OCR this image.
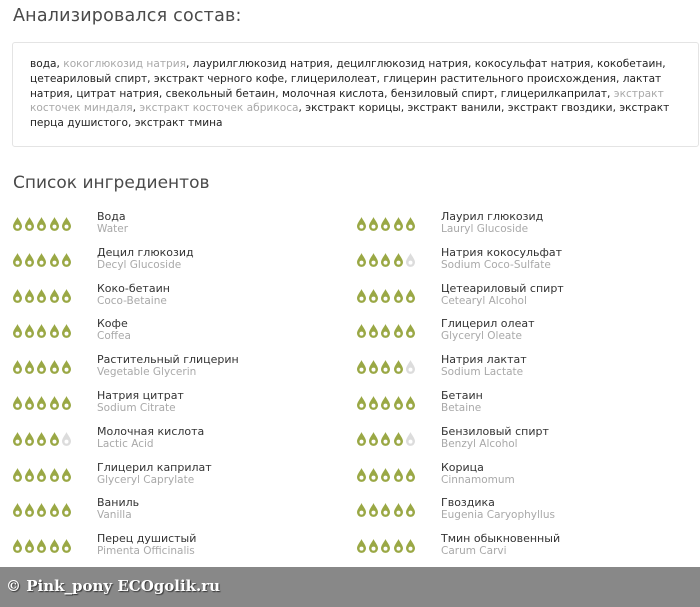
Анализировался состав:
вода, кокоглюкозид натрия, лаурилглюкозид натрия, децилглюкозид натрия, кокосульфат натрия, кокобетаин, цетеариловый спирт, экстракт черного кофе, глицерилолеат, глицерин растительного происхождения, лактат натрия, цитрат натрия, свекольный бетаин, молочная кислота, бензиловый спирт, глицерилкаприлат, экстракт косточек миндаля, экстракт косточек абрикоса, экстракт корицы, экстракт ванили, экстракт гвоздики, экстракт перца душистого, экстракт тмина
Список ингредиентов
Вода
Water
Лаурил глюкозид
Lauryl Glucoside
Децил глюкозид
Decyl Glucoside
Натрия кокосульфат
Sodium Coco-Sulfate
Коко-бетаин
Coco-Betaine
Цетеариловый спирт
Cetearyl Alcohol
Кофе
Coffea
Глицерил олеат
Glyceryl Oleate
Растительный глицерин
Vegetable Glycerin
Натрия лактат
Sodium Lactate
Натрия цитрат
Sodium Citrate
Бетаин
Betaine
Молочная кислота
Lactic Acid
Бензиловый спирт
Benzyl Alcohol
Глицерил каприлат
Glyceryl Caprylate
Корица
Cinnamomum
Ваниль
Vanilla
Гвоздика
Eugenia Caryophyllus
Перец душистый
Pimenta Officinalis
Тмин обыкновенный
Carum Carvi
© Pink_pony ECOgolik.ru
